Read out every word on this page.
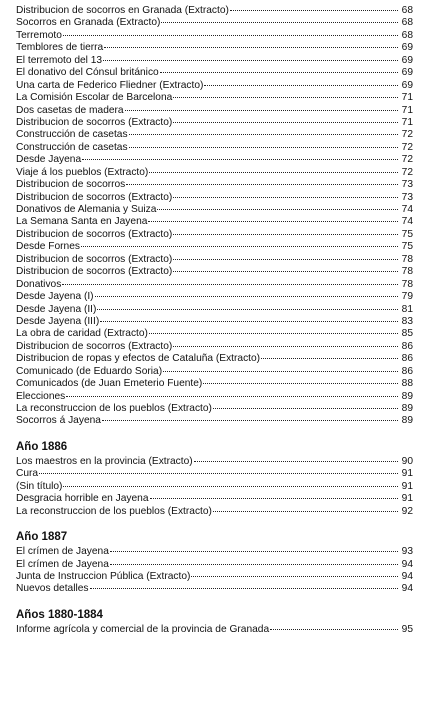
Distribucion de socorros en Granada (Extracto)	68
Socorros en Granada (Extracto)	68
Terremoto	68
Temblores de tierra	69
El terremoto del 13	69
El donativo del Cónsul británico	69
Una carta de Federico Fliedner (Extracto)	69
La Comisión Escolar de Barcelona	71
Dos casetas de madera	71
Distribucion de socorros (Extracto)	71
Construcción de casetas	72
Construcción de casetas	72
Desde Jayena	72
Viaje á los pueblos (Extracto)	72
Distribucion de socorros	73
Distribucion de socorros (Extracto)	73
Donativos de Alemania y Suiza	74
La Semana Santa en Jayena	74
Distribucion de socorros (Extracto)	75
Desde Fornes	75
Distribucion de socorros (Extracto)	78
Distribucion de socorros (Extracto)	78
Donativos	78
Desde Jayena (I)	79
Desde Jayena (II)	81
Desde Jayena (III)	83
La obra de caridad (Extracto)	85
Distribucion de socorros (Extracto)	86
Distribucion de ropas y efectos de Cataluña (Extracto)	86
Comunicado (de Eduardo Soria)	86
Comunicados (de Juan Emeterio Fuente)	88
Elecciones	89
La reconstruccion de los pueblos (Extracto)	89
Socorros á Jayena	89
Año 1886
Los maestros en la provincia (Extracto)	90
Cura	91
(Sin título)	91
Desgracia horrible en Jayena	91
La reconstruccion de los pueblos (Extracto)	92
Año 1887
El crímen de Jayena	93
El crímen de Jayena	94
Junta de Instruccion Pública (Extracto)	94
Nuevos detalles	94
Años 1880-1884
Informe agrícola y comercial de la provincia de Granada	95
